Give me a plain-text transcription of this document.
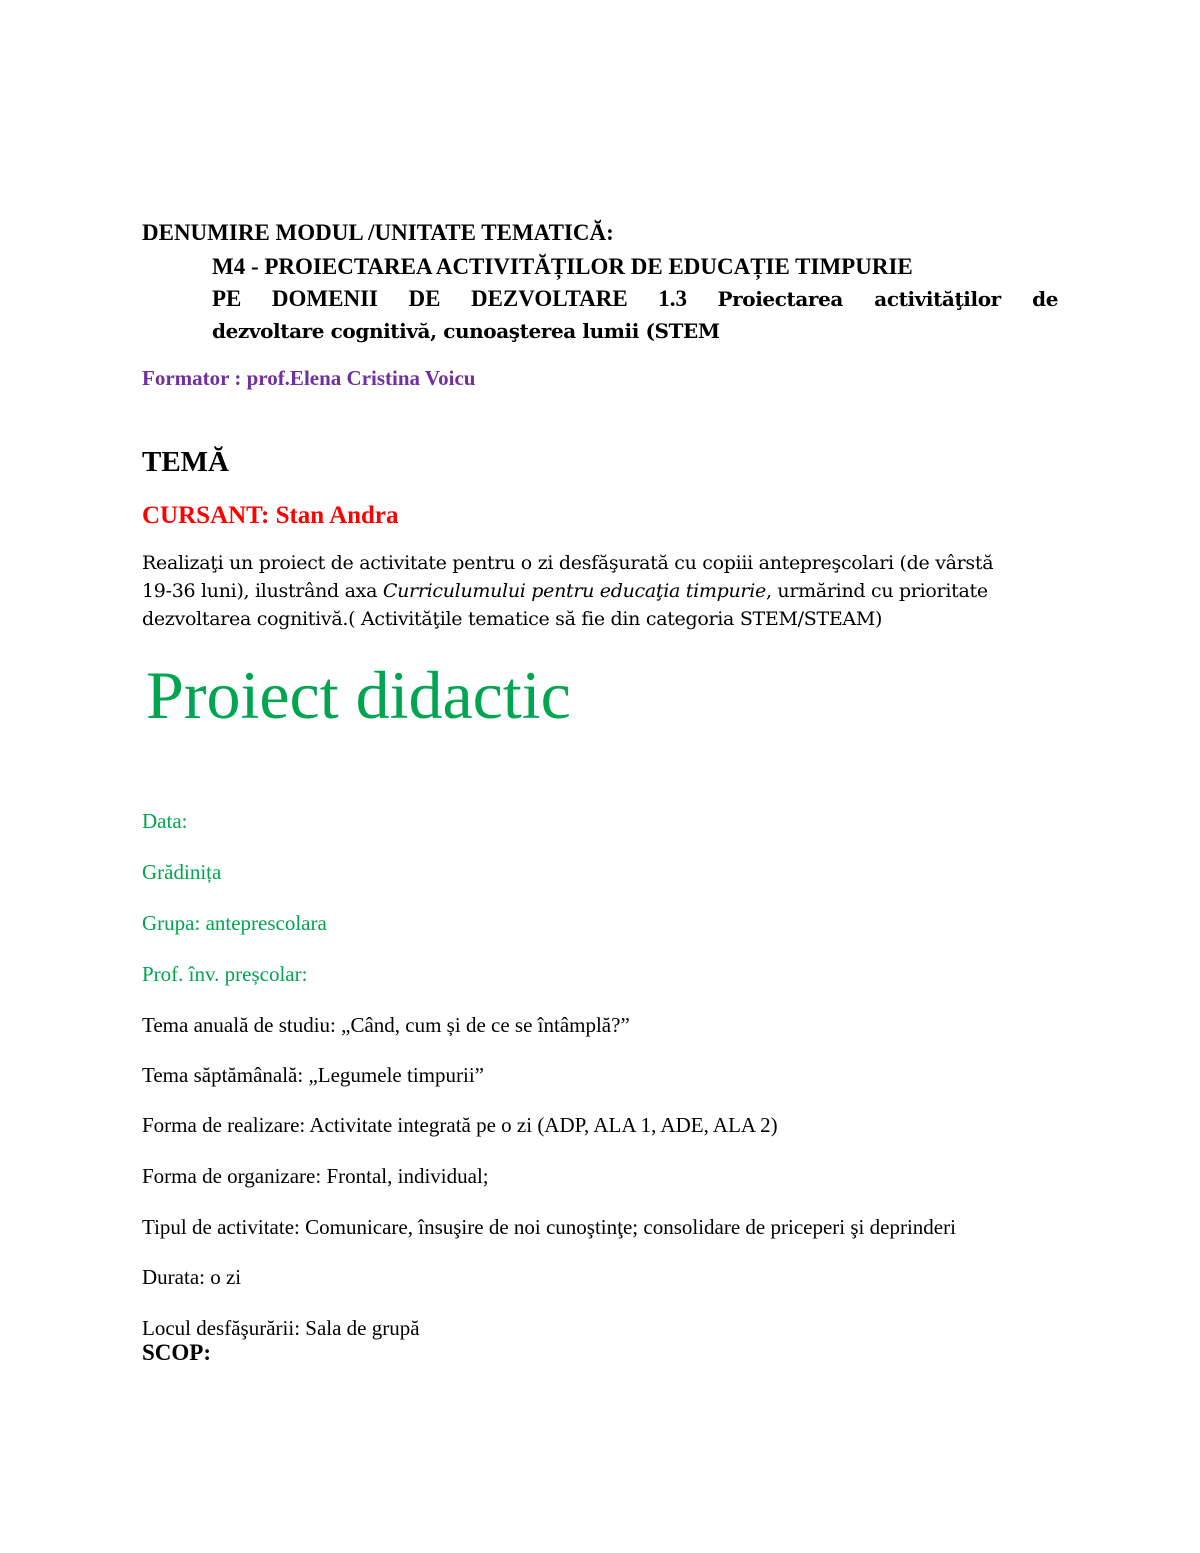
DENUMIRE MODUL /UNITATE TEMATICĂ:
M4 - PROIECTAREA ACTIVITĂȚILOR DE EDUCAȚIE TIMPURIE
PE DOMENII DE DEZVOLTARE 1.3 Proiectarea activităţilor de
dezvoltare cognitivă, cunoaşterea lumii (STEM
Formator : prof.Elena Cristina Voicu
TEMĂ
CURSANT: Stan Andra
Realizaţi un proiect de activitate pentru o zi desfăşurată cu copiii antepreşcolari (de vârstă
19-36 luni), ilustrând axa Curriculumului pentru educaţia timpurie, urmărind cu prioritate
dezvoltarea cognitivă.( Activităţile tematice să fie din categoria STEM/STEAM)
Proiect didactic
Data:
Grădinița
Grupa: anteprescolara
Prof. înv. preșcolar:
Tema anuală de studiu: „Când, cum și de ce se întâmplă?”
Tema săptămânală: „Legumele timpurii”
Forma de realizare: Activitate integrată pe o zi (ADP, ALA 1, ADE, ALA 2)
Forma de organizare: Frontal, individual;
Tipul de activitate: Comunicare, însuşire de noi cunoştinţe; consolidare de priceperi şi deprinderi
Durata: o zi
Locul desfăşurării: Sala de grupă
SCOP:
